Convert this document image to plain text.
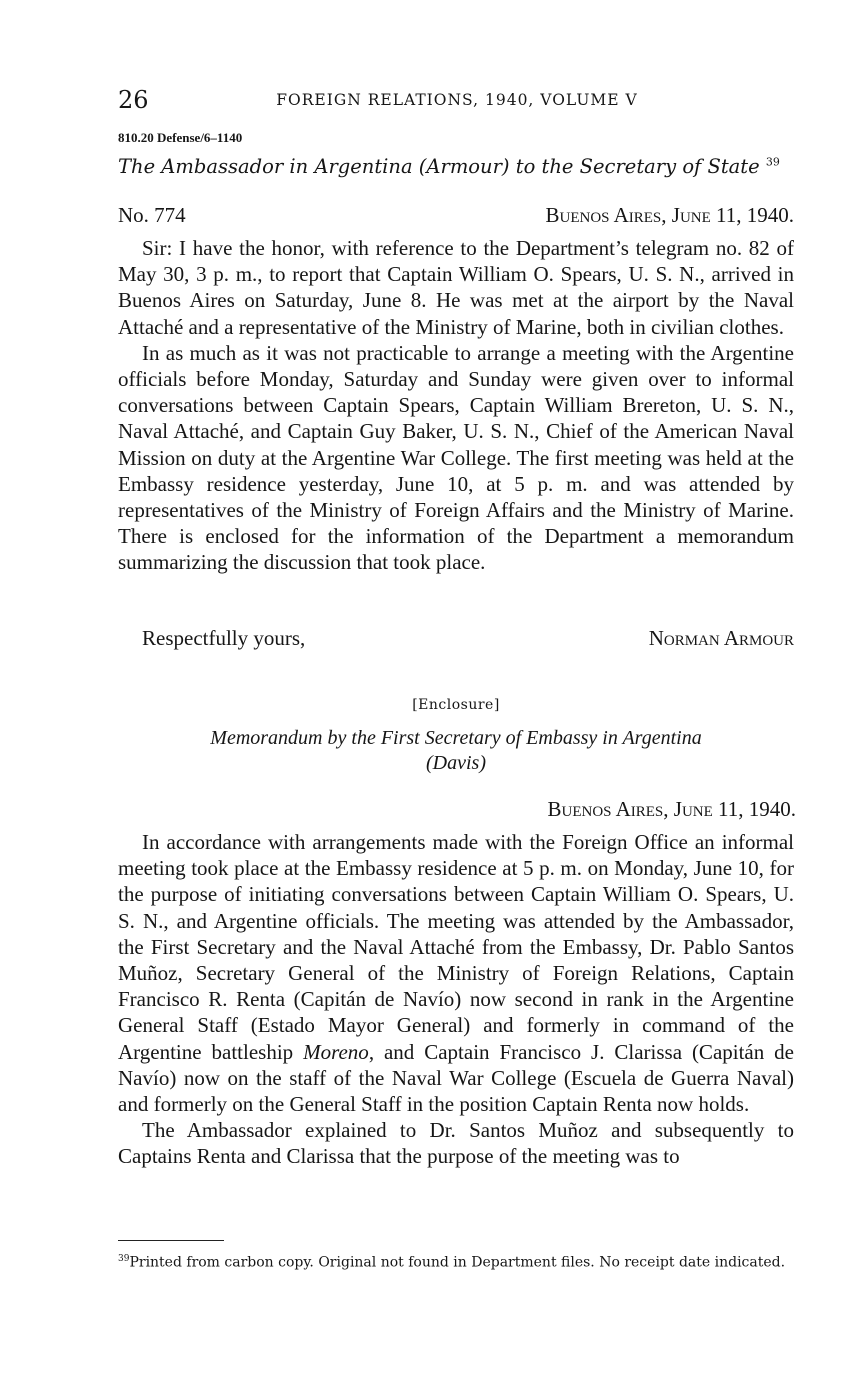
26	FOREIGN RELATIONS, 1940, VOLUME V
810.20 Defense/6–1140
The Ambassador in Argentina (Armour) to the Secretary of State $^{39}$
No. 774	Buenos Aires, June 11, 1940.

Sir: I have the honor, with reference to the Department’s telegram no. 82 of May 30, 3 p. m., to report that Captain William O. Spears, U. S. N., arrived in Buenos Aires on Saturday, June 8. He was met at the airport by the Naval Attaché and a representative of the Ministry of Marine, both in civilian clothes.

In as much as it was not practicable to arrange a meeting with the Argentine officials before Monday, Saturday and Sunday were given over to informal conversations between Captain Spears, Captain William Brereton, U. S. N., Naval Attaché, and Captain Guy Baker, U. S. N., Chief of the American Naval Mission on duty at the Argentine War College. The first meeting was held at the Embassy residence yesterday, June 10, at 5 p. m. and was attended by representatives of the Ministry of Foreign Affairs and the Ministry of Marine. There is enclosed for the information of the Department a memorandum summarizing the discussion that took place.

Respectfully yours,	Norman Armour
[Enclosure]
Memorandum by the First Secretary of Embassy in Argentina
(Davis)
Buenos Aires, June 11, 1940.

In accordance with arrangements made with the Foreign Office an informal meeting took place at the Embassy residence at 5 p. m. on Monday, June 10, for the purpose of initiating conversations between Captain William O. Spears, U. S. N., and Argentine officials. The meeting was attended by the Ambassador, the First Secretary and the Naval Attaché from the Embassy, Dr. Pablo Santos Muñoz, Secretary General of the Ministry of Foreign Relations, Captain Francisco R. Renta (Capitán de Navío) now second in rank in the Argentine General Staff (Estado Mayor General) and formerly in command of the Argentine battleship Moreno, and Captain Francisco J. Clarissa (Capitán de Navío) now on the staff of the Naval War College (Escuela de Guerra Naval) and formerly on the General Staff in the position Captain Renta now holds.

The Ambassador explained to Dr. Santos Muñoz and subsequently to Captains Renta and Clarissa that the purpose of the meeting was to

$^{39}$Printed from carbon copy. Original not found in Department files. No receipt date indicated.
